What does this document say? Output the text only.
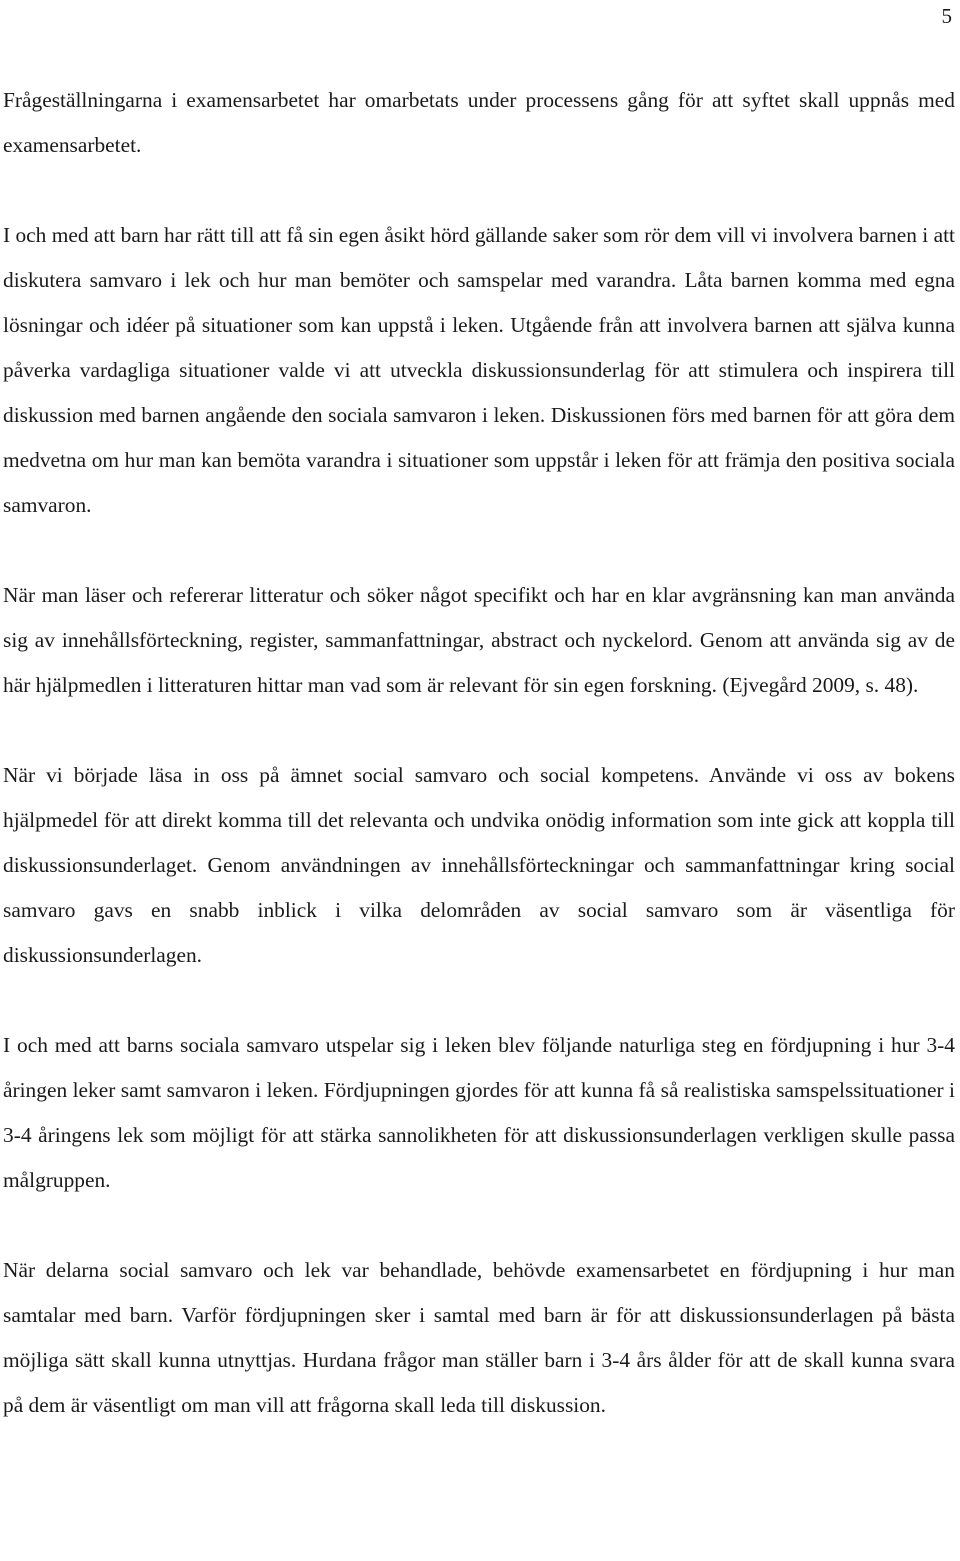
5

Frågeställningarna i examensarbetet har omarbetats under processens gång för att syftet skall uppnås med examensarbetet.

I och med att barn har rätt till att få sin egen åsikt hörd gällande saker som rör dem vill vi involvera barnen i att diskutera samvaro i lek och hur man bemöter och samspelar med varandra. Låta barnen komma med egna lösningar och idéer på situationer som kan uppstå i leken. Utgående från att involvera barnen att själva kunna påverka vardagliga situationer valde vi att utveckla diskussionsunderlag för att stimulera och inspirera till diskussion med barnen angående den sociala samvaron i leken. Diskussionen förs med barnen för att göra dem medvetna om hur man kan bemöta varandra i situationer som uppstår i leken för att främja den positiva sociala samvaron.

När man läser och refererar litteratur och söker något specifikt och har en klar avgränsning kan man använda sig av innehållsförteckning, register, sammanfattningar, abstract och nyckelord. Genom att använda sig av de här hjälpmedlen i litteraturen hittar man vad som är relevant för sin egen forskning. (Ejvegård 2009, s. 48).

När vi började läsa in oss på ämnet social samvaro och social kompetens. Använde vi oss av bokens hjälpmedel för att direkt komma till det relevanta och undvika onödig information som inte gick att koppla till diskussionsunderlaget. Genom användningen av innehållsförteckningar och sammanfattningar kring social samvaro gavs en snabb inblick i vilka delområden av social samvaro som är väsentliga för diskussionsunderlagen.

I och med att barns sociala samvaro utspelar sig i leken blev följande naturliga steg en fördjupning i hur 3-4 åringen leker samt samvaron i leken. Fördjupningen gjordes för att kunna få så realistiska samspelssituationer i 3-4 åringens lek som möjligt för att stärka sannolikheten för att diskussionsunderlagen verkligen skulle passa målgruppen.

När delarna social samvaro och lek var behandlade, behövde examensarbetet en fördjupning i hur man samtalar med barn. Varför fördjupningen sker i samtal med barn är för att diskussionsunderlagen på bästa möjliga sätt skall kunna utnyttjas. Hurdana frågor man ställer barn i 3-4 års ålder för att de skall kunna svara på dem är väsentligt om man vill att frågorna skall leda till diskussion.
